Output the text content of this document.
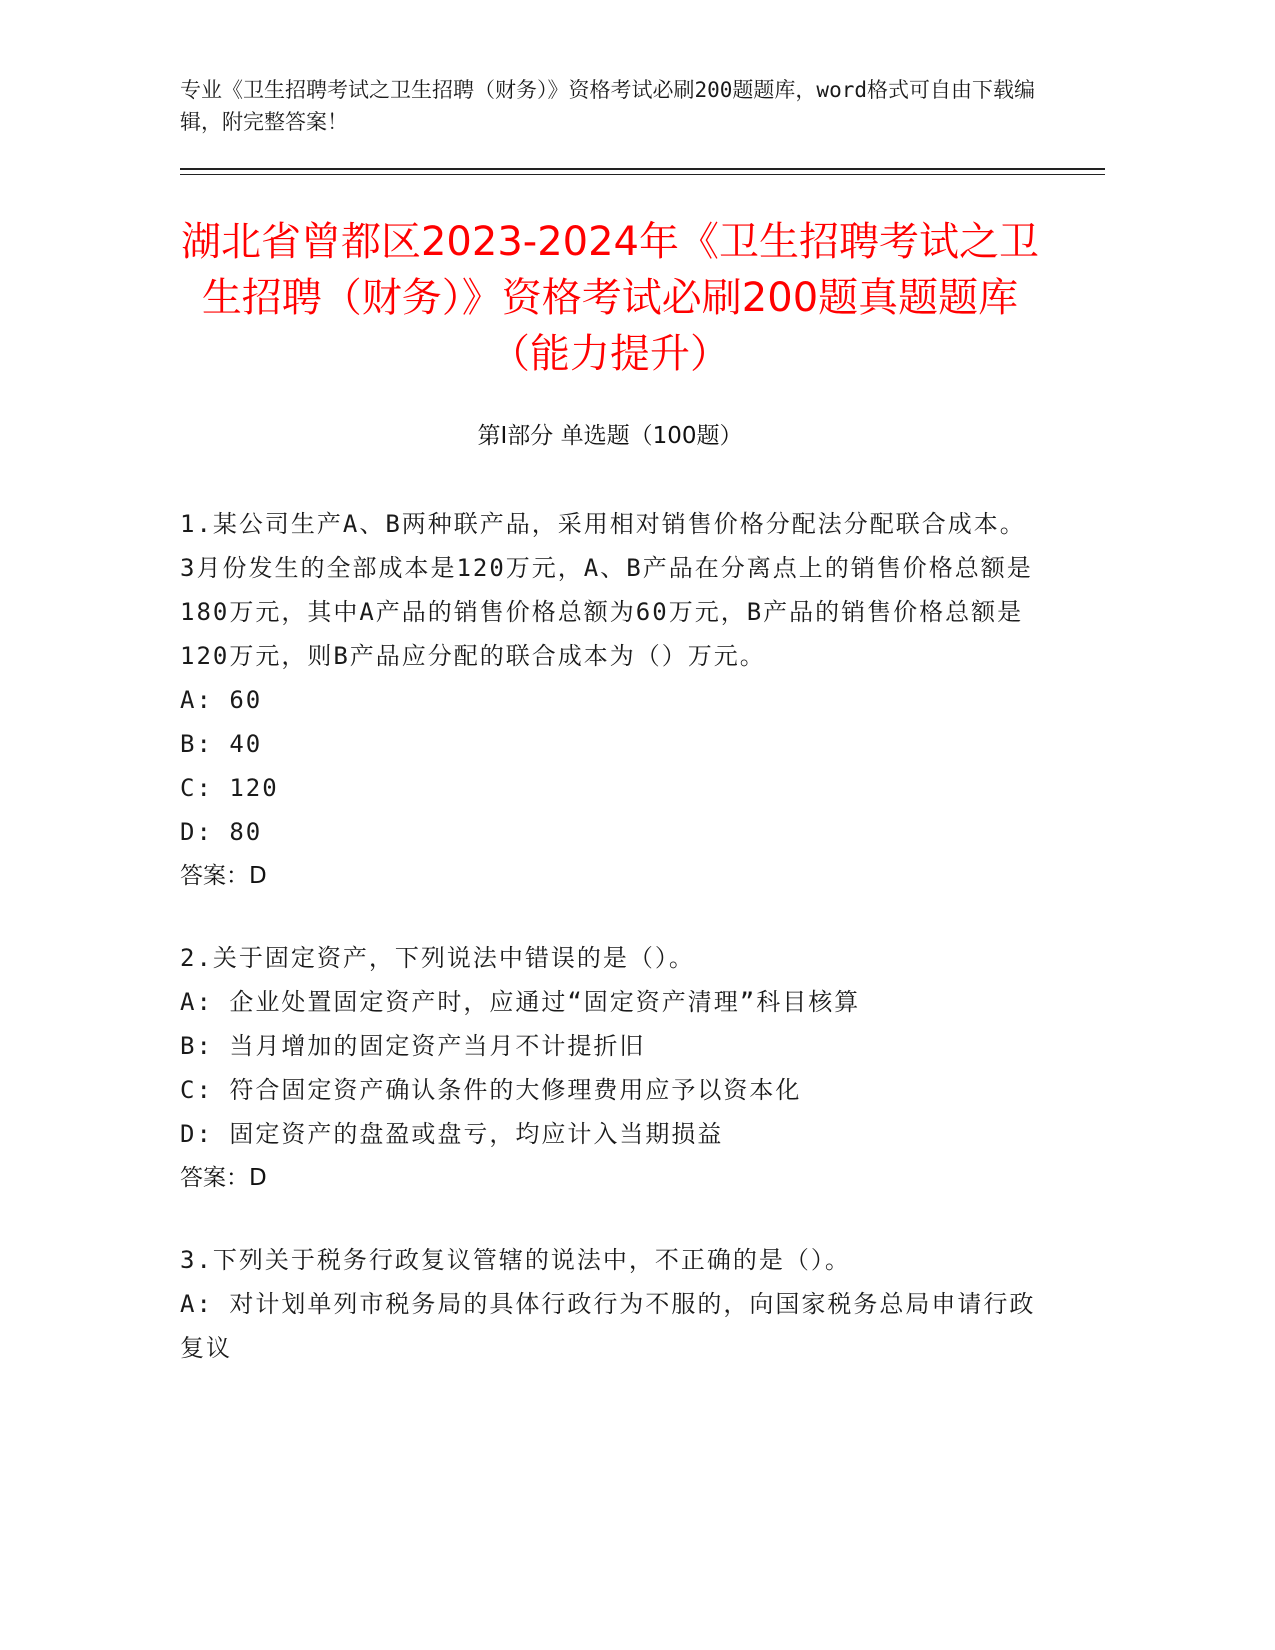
专业《卫生招聘考试之卫生招聘（财务）》资格考试必刷200题题库，word格式可自由下载编辑，附完整答案！
湖北省曾都区2023-2024年《卫生招聘考试之卫生招聘（财务）》资格考试必刷200题真题题库（能力提升）
第I部分 单选题（100题）
1.某公司生产A、B两种联产品，采用相对销售价格分配法分配联合成本。3月份发生的全部成本是120万元，A、B产品在分离点上的销售价格总额是180万元，其中A产品的销售价格总额为60万元，B产品的销售价格总额是120万元，则B产品应分配的联合成本为（）万元。
A: 60
B: 40
C: 120
D: 80
答案：D
2.关于固定资产，下列说法中错误的是（）。
A: 企业处置固定资产时，应通过“固定资产清理”科目核算
B: 当月增加的固定资产当月不计提折旧
C: 符合固定资产确认条件的大修理费用应予以资本化
D: 固定资产的盘盈或盘亏，均应计入当期损益
答案：D
3.下列关于税务行政复议管辖的说法中，不正确的是（）。
A: 对计划单列市税务局的具体行政行为不服的，向国家税务总局申请行政复议
